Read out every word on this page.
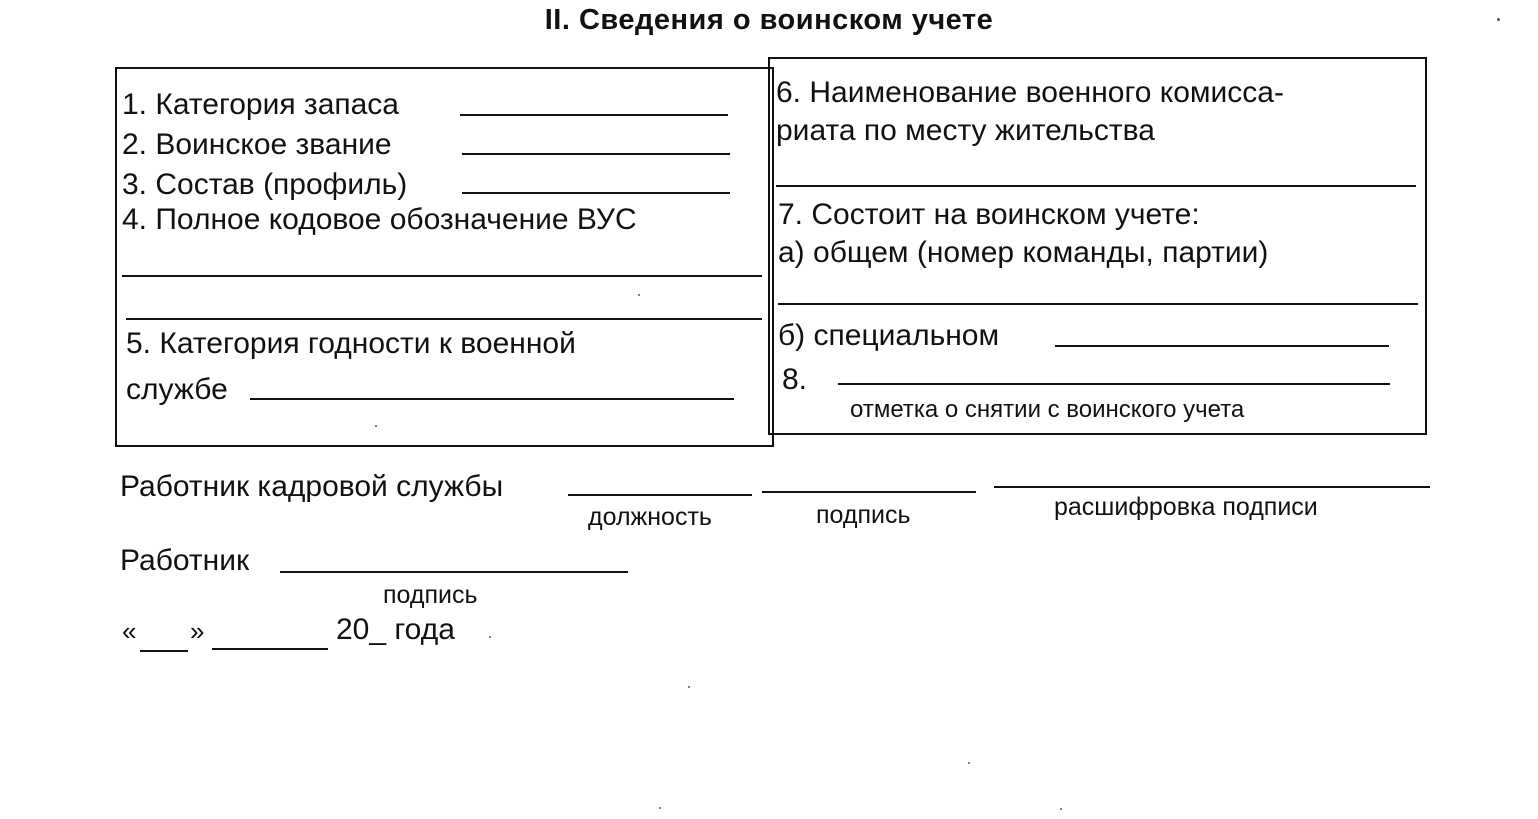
II. Сведения о воинском учете
1. Категория запаса
2. Воинское звание
3. Состав (профиль)
4. Полное кодовое обозначение ВУС
5. Категория годности к военной
службе
6. Наименование военного комисса-
риата по месту жительства
7. Состоит на воинском учете:
а) общем (номер команды, партии)
б) специальном
8.
отметка о снятии с воинского учета
Работник кадровой службы
должность	подпись	расшифровка подписи
Работник
подпись
« »	20_ года
